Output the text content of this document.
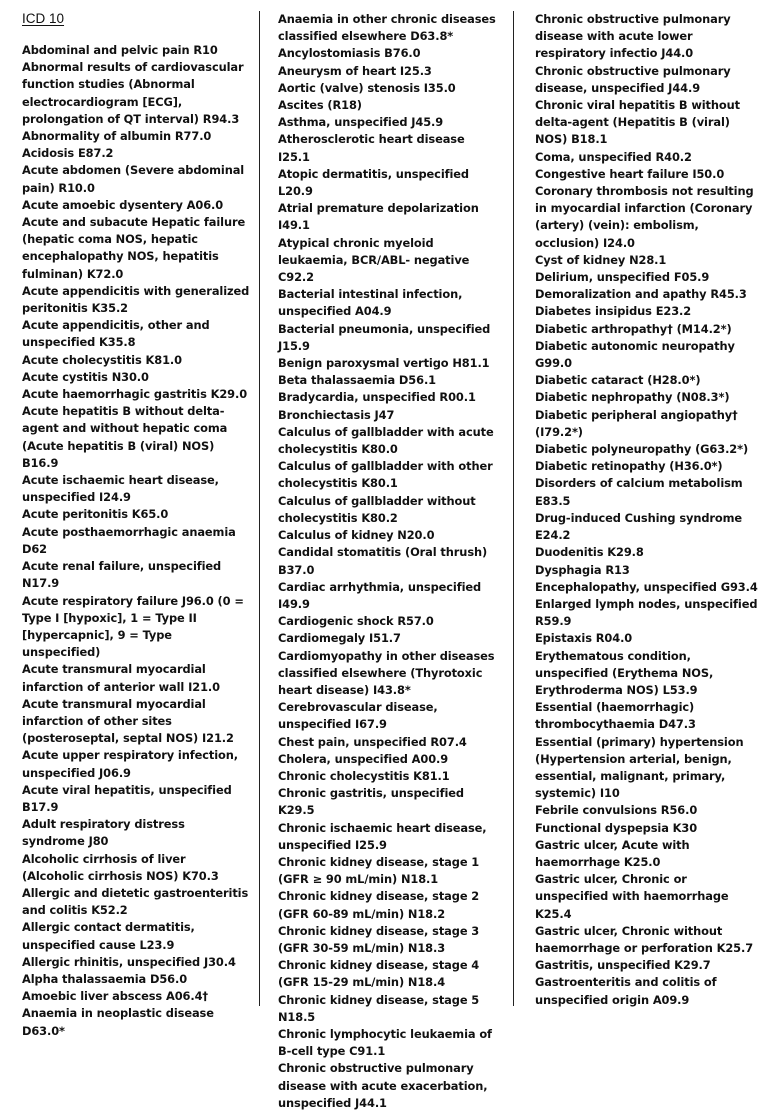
ICD 10

Abdominal and pelvic pain R10

Abnormal results of cardiovascular function studies (Abnormal electrocardiogram [ECG], prolongation of QT interval) R94.3

Abnormality of albumin R77.0

Acidosis E87.2

Acute abdomen (Severe abdominal pain) R10.0

Acute amoebic dysentery A06.0

Acute and subacute Hepatic failure (hepatic coma NOS, hepatic encephalopathy NOS, hepatitis fulminan) K72.0

Acute appendicitis with generalized peritonitis K35.2

Acute appendicitis, other and unspecified K35.8

Acute cholecystitis K81.0

Acute cystitis N30.0

Acute haemorrhagic gastritis K29.0

Acute hepatitis B without delta-agent and without hepatic coma (Acute hepatitis B (viral) NOS) B16.9

Acute ischaemic heart disease, unspecified I24.9

Acute peritonitis K65.0

Acute posthaemorrhagic anaemia D62

Acute renal failure, unspecified N17.9

Acute respiratory failure J96.0 (0 = Type I [hypoxic], 1 = Type II [hypercapnic], 9 = Type unspecified)

Acute transmural myocardial infarction of anterior wall I21.0

Acute transmural myocardial infarction of other sites (posteroseptal, septal NOS) I21.2

Acute upper respiratory infection, unspecified J06.9

Acute viral hepatitis, unspecified B17.9

Adult respiratory distress syndrome J80

Alcoholic cirrhosis of liver (Alcoholic cirrhosis NOS) K70.3

Allergic and dietetic gastroenteritis and colitis K52.2

Allergic contact dermatitis, unspecified cause L23.9

Allergic rhinitis, unspecified J30.4

Alpha thalassaemia D56.0

Amoebic liver abscess A06.4†

Anaemia in neoplastic disease D63.0*

Anaemia in other chronic diseases classified elsewhere D63.8*

Ancylostomiasis B76.0

Aneurysm of heart I25.3

Aortic (valve) stenosis I35.0

Ascites (R18)

Asthma, unspecified J45.9

Atherosclerotic heart disease I25.1

Atopic dermatitis, unspecified L20.9

Atrial premature depolarization I49.1

Atypical chronic myeloid leukaemia, BCR/ABL- negative C92.2

Bacterial intestinal infection, unspecified A04.9

Bacterial pneumonia, unspecified J15.9

Benign paroxysmal vertigo H81.1

Beta thalassaemia D56.1

Bradycardia, unspecified R00.1

Bronchiectasis J47

Calculus of gallbladder with acute cholecystitis K80.0

Calculus of gallbladder with other cholecystitis K80.1

Calculus of gallbladder without cholecystitis K80.2

Calculus of kidney N20.0

Candidal stomatitis (Oral thrush) B37.0

Cardiac arrhythmia, unspecified I49.9

Cardiogenic shock R57.0

Cardiomegaly I51.7

Cardiomyopathy in other diseases classified elsewhere (Thyrotoxic heart disease) I43.8*

Cerebrovascular disease, unspecified I67.9

Chest pain, unspecified R07.4

Cholera, unspecified A00.9

Chronic cholecystitis K81.1

Chronic gastritis, unspecified K29.5

Chronic ischaemic heart disease, unspecified I25.9

Chronic kidney disease, stage 1 (GFR ≥ 90 mL/min) N18.1

Chronic kidney disease, stage 2 (GFR 60-89 mL/min) N18.2

Chronic kidney disease, stage 3 (GFR 30-59 mL/min) N18.3

Chronic kidney disease, stage 4 (GFR 15-29 mL/min) N18.4

Chronic kidney disease, stage 5 N18.5

Chronic lymphocytic leukaemia of B-cell type C91.1

Chronic obstructive pulmonary disease with acute exacerbation, unspecified J44.1

Chronic obstructive pulmonary disease with acute lower respiratory infectio J44.0

Chronic obstructive pulmonary disease, unspecified J44.9

Chronic viral hepatitis B without delta-agent (Hepatitis B (viral) NOS) B18.1

Coma, unspecified R40.2

Congestive heart failure I50.0

Coronary thrombosis not resulting in myocardial infarction (Coronary (artery) (vein): embolism, occlusion) I24.0

Cyst of kidney N28.1

Delirium, unspecified F05.9

Demoralization and apathy R45.3

Diabetes insipidus E23.2

Diabetic arthropathy† (M14.2*)

Diabetic autonomic neuropathy G99.0

Diabetic cataract (H28.0*)

Diabetic nephropathy (N08.3*)

Diabetic peripheral angiopathy† (I79.2*)

Diabetic polyneuropathy (G63.2*)

Diabetic retinopathy (H36.0*)

Disorders of calcium metabolism E83.5

Drug-induced Cushing syndrome E24.2

Duodenitis K29.8

Dysphagia R13

Encephalopathy, unspecified G93.4

Enlarged lymph nodes, unspecified R59.9

Epistaxis R04.0

Erythematous condition, unspecified (Erythema NOS, Erythroderma NOS) L53.9

Essential (haemorrhagic) thrombocythaemia D47.3

Essential (primary) hypertension (Hypertension arterial, benign, essential, malignant, primary, systemic) I10

Febrile convulsions R56.0

Functional dyspepsia K30

Gastric ulcer, Acute with haemorrhage K25.0

Gastric ulcer, Chronic or unspecified with haemorrhage K25.4

Gastric ulcer, Chronic without haemorrhage or perforation K25.7

Gastritis, unspecified K29.7

Gastroenteritis and colitis of unspecified origin A09.9
